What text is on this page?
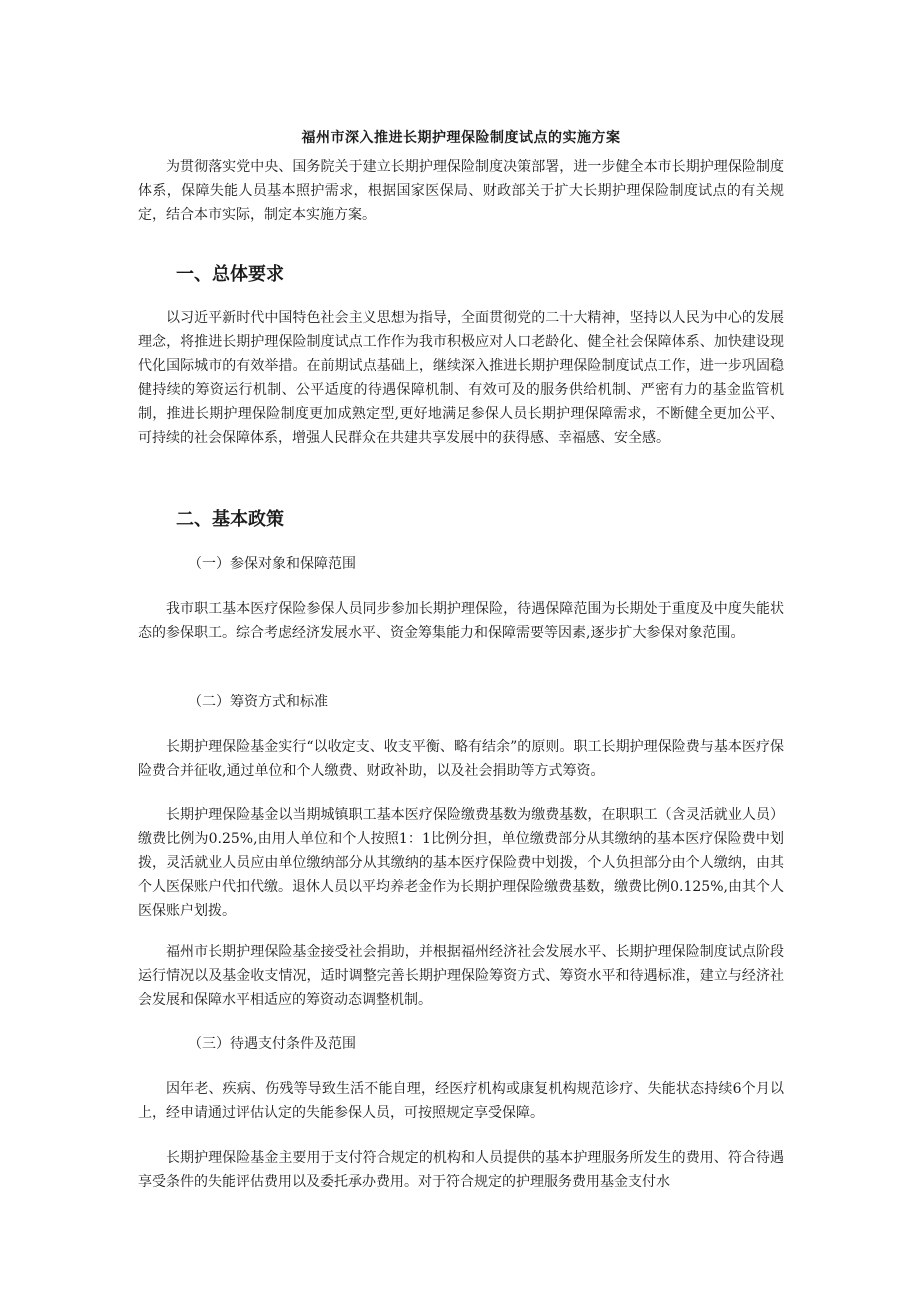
福州市深入推进长期护理保险制度试点的实施方案

为贯彻落实党中央、国务院关于建立长期护理保险制度决策部署，进一步健全本市长期护理保险制度体系，保障失能人员基本照护需求，根据国家医保局、财政部关于扩大长期护理保险制度试点的有关规定，结合本市实际，制定本实施方案。

一、总体要求

以习近平新时代中国特色社会主义思想为指导，全面贯彻党的二十大精神，坚持以人民为中心的发展理念，将推进长期护理保险制度试点工作作为我市积极应对人口老龄化、健全社会保障体系、加快建设现代化国际城市的有效举措。在前期试点基础上，继续深入推进长期护理保险制度试点工作，进一步巩固稳健持续的筹资运行机制、公平适度的待遇保障机制、有效可及的服务供给机制、严密有力的基金监管机制，推进长期护理保险制度更加成熟定型,更好地满足参保人员长期护理保障需求，不断健全更加公平、可持续的社会保障体系，增强人民群众在共建共享发展中的获得感、幸福感、安全感。

二、基本政策
（一）参保对象和保障范围

我市职工基本医疗保险参保人员同步参加长期护理保险，待遇保障范围为长期处于重度及中度失能状态的参保职工。综合考虑经济发展水平、资金筹集能力和保障需要等因素,逐步扩大参保对象范围。

（二）筹资方式和标准

长期护理保险基金实行“以收定支、收支平衡、略有结余”的原则。职工长期护理保险费与基本医疗保险费合并征收,通过单位和个人缴费、财政补助，以及社会捐助等方式筹资。

长期护理保险基金以当期城镇职工基本医疗保险缴费基数为缴费基数，在职职工（含灵活就业人员）缴费比例为0.25%,由用人单位和个人按照1：1比例分担，单位缴费部分从其缴纳的基本医疗保险费中划拨，灵活就业人员应由单位缴纳部分从其缴纳的基本医疗保险费中划拨，个人负担部分由个人缴纳，由其个人医保账户代扣代缴。退休人员以平均养老金作为长期护理保险缴费基数，缴费比例0.125%,由其个人医保账户划拨。

福州市长期护理保险基金接受社会捐助，并根据福州经济社会发展水平、长期护理保险制度试点阶段运行情况以及基金收支情况，适时调整完善长期护理保险筹资方式、筹资水平和待遇标准，建立与经济社会发展和保障水平相适应的筹资动态调整机制。

（三）待遇支付条件及范围

因年老、疾病、伤残等导致生活不能自理，经医疗机构或康复机构规范诊疗、失能状态持续6个月以上，经申请通过评估认定的失能参保人员，可按照规定享受保障。

长期护理保险基金主要用于支付符合规定的机构和人员提供的基本护理服务所发生的费用、符合待遇享受条件的失能评估费用以及委托承办费用。对于符合规定的护理服务费用基金支付水
